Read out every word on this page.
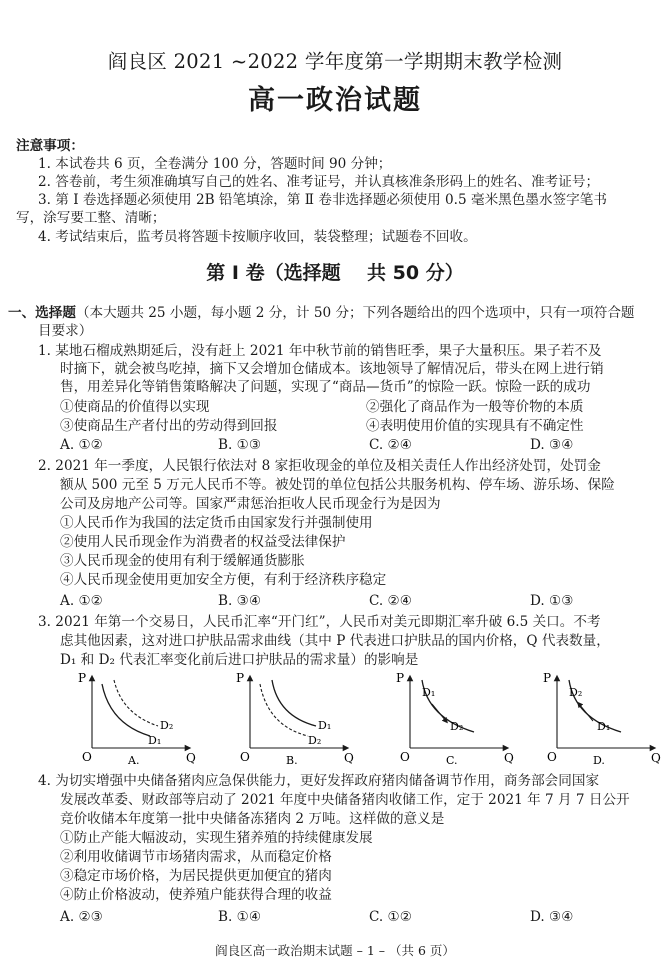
阎良区 2021 ~2022 学年度第一学期期末教学检测
高一政治试题
注意事项：
1. 本试卷共 6 页，全卷满分 100 分，答题时间 90 分钟；
2. 答卷前，考生须准确填写自己的姓名、准考证号，并认真核准条形码上的姓名、准考证号；
3. 第 Ⅰ 卷选择题必须使用 2B 铅笔填涂，第 Ⅱ 卷非选择题必须使用 0.5 毫米黑色墨水签字笔书
写，涂写要工整、清晰；
4. 考试结束后，监考员将答题卡按顺序收回，装袋整理；试题卷不回收。
第 Ⅰ 卷（选择题    共 50 分）
一、选择题（本大题共 25 小题，每小题 2 分，计 50 分；下列各题给出的四个选项中，只有一项符合题
目要求）
1. 某地石榴成熟期延后，没有赶上 2021 年中秋节前的销售旺季，果子大量积压。果子若不及
时摘下，就会被鸟吃掉，摘下又会增加仓储成本。该地领导了解情况后，带头在网上进行销
售，用差异化等销售策略解决了问题，实现了“商品—货币”的惊险一跃。惊险一跃的成功
①使商品的价值得以实现	②强化了商品作为一般等价物的本质
③使商品生产者付出的劳动得到回报	④表明使用价值的实现具有不确定性
A. ①②	B. ①③	C. ②④	D. ③④
2. 2021 年一季度，人民银行依法对 8 家拒收现金的单位及相关责任人作出经济处罚，处罚金
额从 500 元至 5 万元人民币不等。被处罚的单位包括公共服务机构、停车场、游乐场、保险
公司及房地产公司等。国家严肃惩治拒收人民币现金行为是因为
①人民币作为我国的法定货币由国家发行并强制使用
②使用人民币现金作为消费者的权益受法律保护
③人民币现金的使用有利于缓解通货膨胀
④人民币现金使用更加安全方便，有利于经济秩序稳定
A. ①②	B. ③④	C. ②④	D. ①③
3. 2021 年第一个交易日，人民币汇率“开门红”，人民币对美元即期汇率升破 6.5 关口。不考
虑其他因素，这对进口护肤品需求曲线（其中 P 代表进口护肤品的国内价格，Q 代表数量，
D₁ 和 D₂ 代表汇率变化前后进口护肤品的需求量）的影响是
P
O	Q
D₂
D₁
A.
P
O	Q
D₁
D₂
B.
P
O	Q
D₁
D₂
C.
P
O	Q
D₂
D₁
D.
4. 为切实增强中央储备猪肉应急保供能力，更好发挥政府猪肉储备调节作用，商务部会同国家
发展改革委、财政部等启动了 2021 年度中央储备猪肉收储工作，定于 2021 年 7 月 7 日公开
竞价收储本年度第一批中央储备冻猪肉 2 万吨。这样做的意义是
①防止产能大幅波动，实现生猪养殖的持续健康发展
②利用收储调节市场猪肉需求，从而稳定价格
③稳定市场价格，为居民提供更加便宜的猪肉
④防止价格波动，使养殖户能获得合理的收益
A. ②③	B. ①④	C. ①②	D. ③④
阎良区高一政治期末试题 – 1 – （共 6 页）
